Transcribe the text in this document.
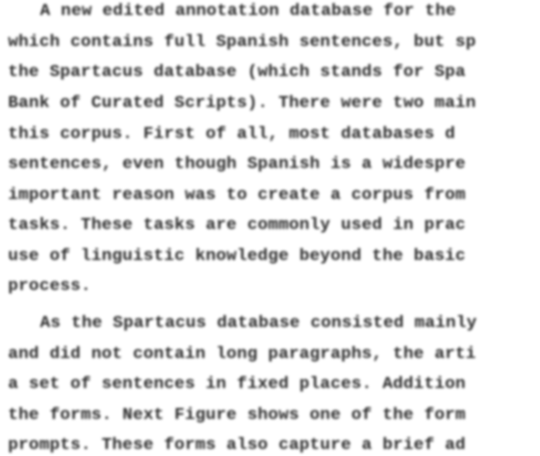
A new edited annotation database for the
which contains full Spanish sentences, but sp
the Spartacus database (which stands for Spa
Bank of Curated Scripts). There were two main
this corpus. First of all, most databases d
sentences, even though Spanish is a widespre
important reason was to create a corpus from
tasks. These tasks are commonly used in prac
use of linguistic knowledge beyond the basic
process.
As the Spartacus database consisted mainly
and did not contain long paragraphs, the arti
a set of sentences in fixed places. Addition
the forms. Next Figure shows one of the form
prompts. These forms also capture a brief ad
